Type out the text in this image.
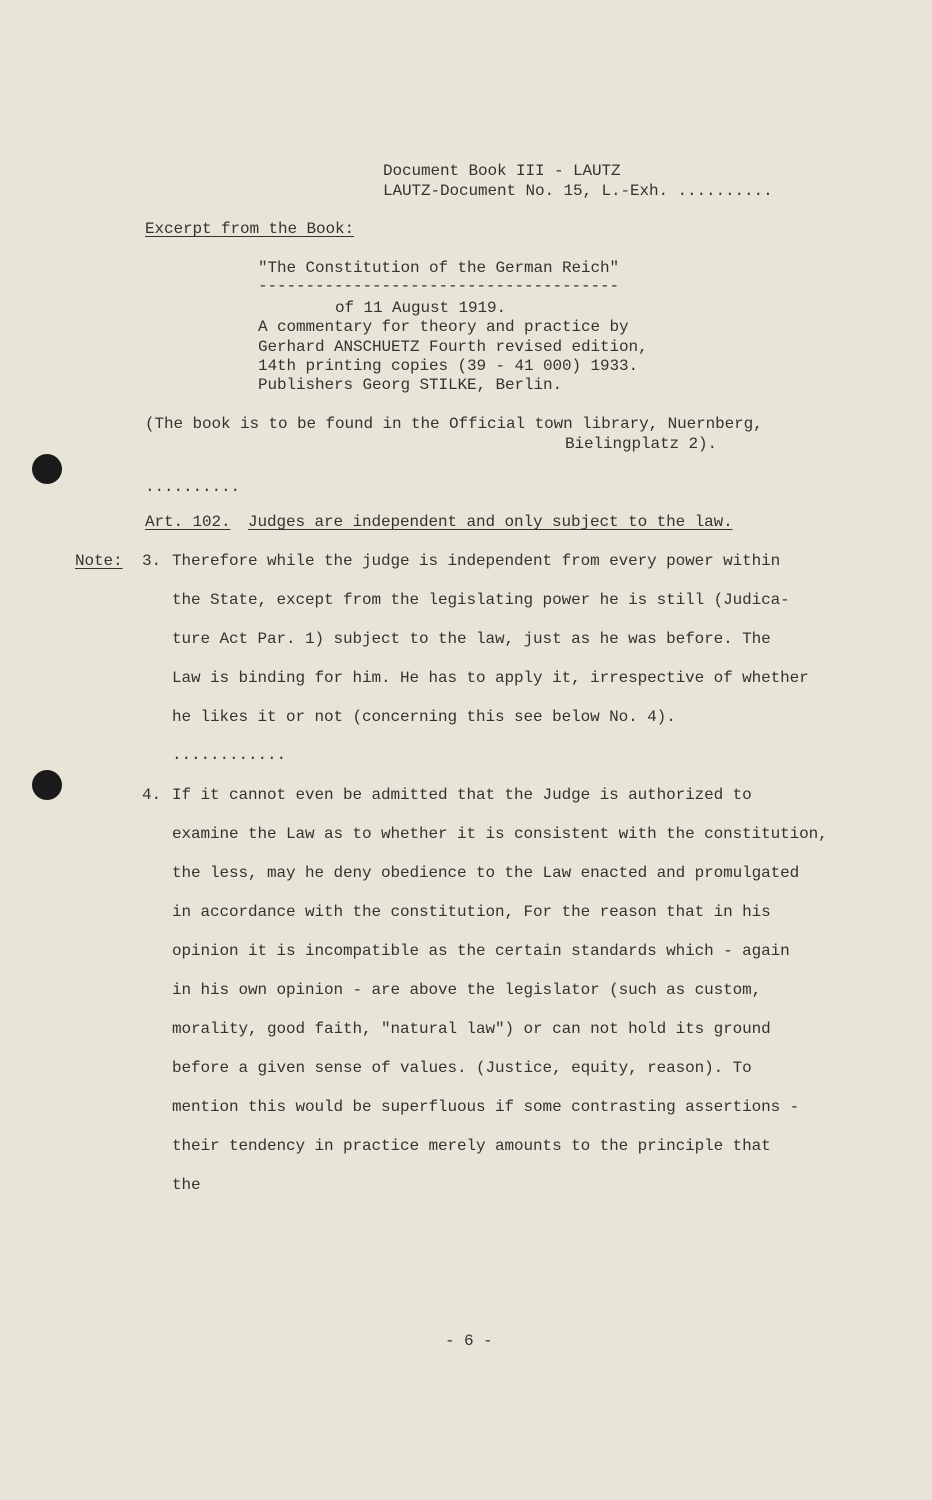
Document Book III - LAUTZ
LAUTZ-Document No. 15, L.-Exh. ..........
Excerpt from the Book:
"The Constitution of the German Reich"
--------------------------------------
of 11 August 1919.
A commentary for theory and practice by
Gerhard ANSCHUETZ Fourth revised edition,
14th printing copies (39 - 41 000) 1933.
Publishers Georg STILKE, Berlin.
(The book is to be found in the Official town library, Nuernberg,
Bielingplatz 2).
..........
Art. 102. Judges are independent and only subject to the law.
Note: 3. Therefore while the judge is independent from every power within
the State, except from the legislating power he is still (Judica-
ture Act Par. 1) subject to the law, just as he was before. The
Law is binding for him. He has to apply it, irrespective of whether
he likes it or not (concerning this see below No. 4).
............
4. If it cannot even be admitted that the Judge is authorized to
examine the Law as to whether it is consistent with the constitution,
the less, may he deny obedience to the Law enacted and promulgated
in accordance with the constitution, For the reason that in his
opinion it is incompatible as the certain standards which - again
in his own opinion - are above the legislator (such as custom,
morality, good faith, "natural law") or can not hold its ground
before a given sense of values. (Justice, equity, reason). To
mention this would be superfluous if some contrasting assertions -
their tendency in practice merely amounts to the principle that
the
- 6 -
